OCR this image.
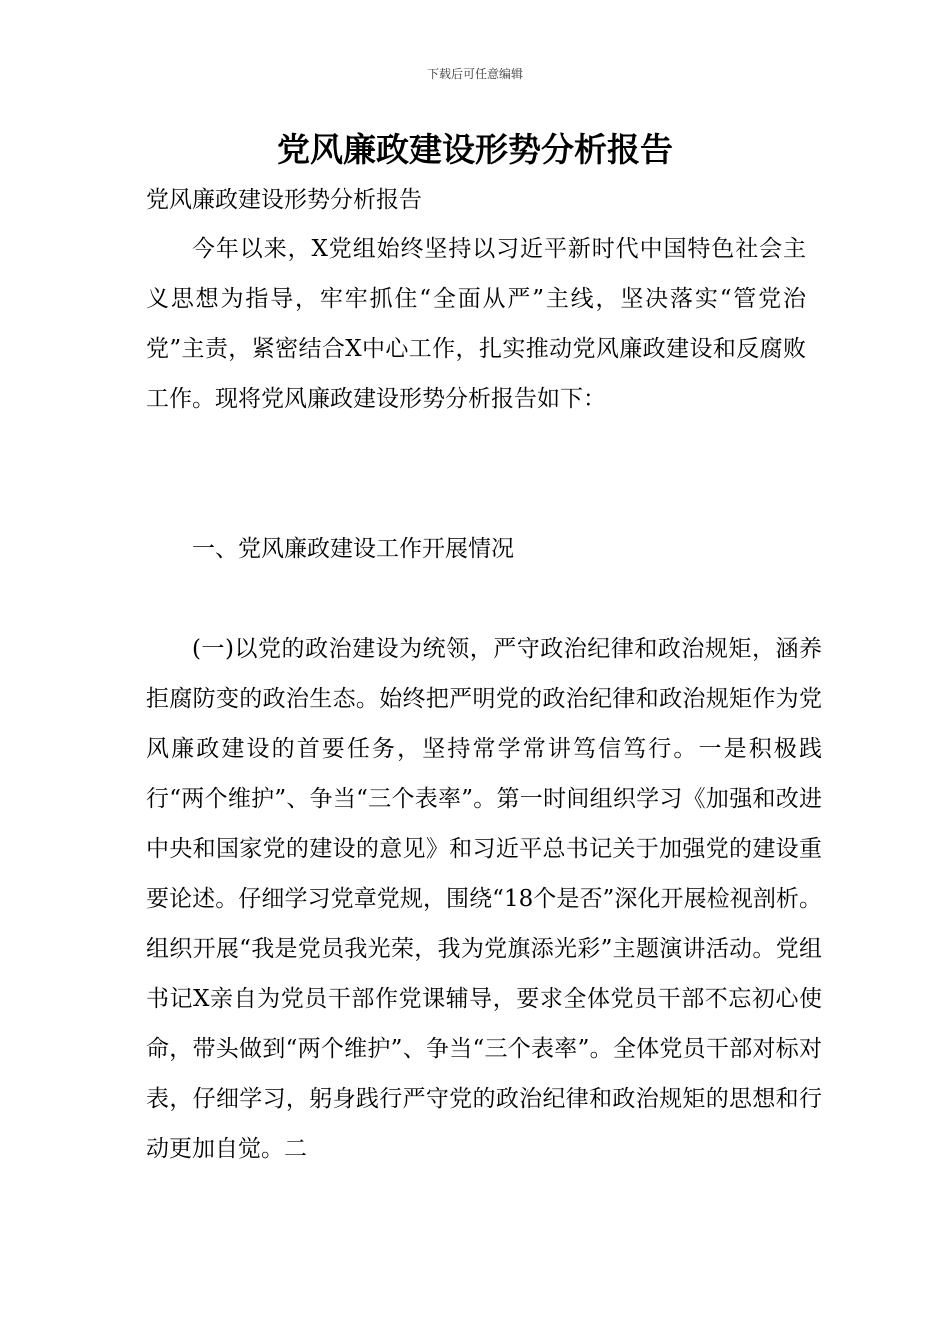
下载后可任意编辑
党风廉政建设形势分析报告

党风廉政建设形势分析报告

今年以来，X党组始终坚持以习近平新时代中国特色社会主义思想为指导，牢牢抓住“全面从严”主线，坚决落实“管党治党”主责，紧密结合X中心工作，扎实推动党风廉政建设和反腐败工作。现将党风廉政建设形势分析报告如下：

一、党风廉政建设工作开展情况

(一)以党的政治建设为统领，严守政治纪律和政治规矩，涵养拒腐防变的政治生态。始终把严明党的政治纪律和政治规矩作为党风廉政建设的首要任务，坚持常学常讲笃信笃行。一是积极践行“两个维护”、争当“三个表率”。第一时间组织学习《加强和改进中央和国家党的建设的意见》和习近平总书记关于加强党的建设重要论述。仔细学习党章党规，围绕“18个是否”深化开展检视剖析。组织开展“我是党员我光荣，我为党旗添光彩”主题演讲活动。党组书记X亲自为党员干部作党课辅导，要求全体党员干部不忘初心使命，带头做到“两个维护”、争当“三个表率”。全体党员干部对标对表，仔细学习，躬身践行严守党的政治纪律和政治规矩的思想和行动更加自觉。二
